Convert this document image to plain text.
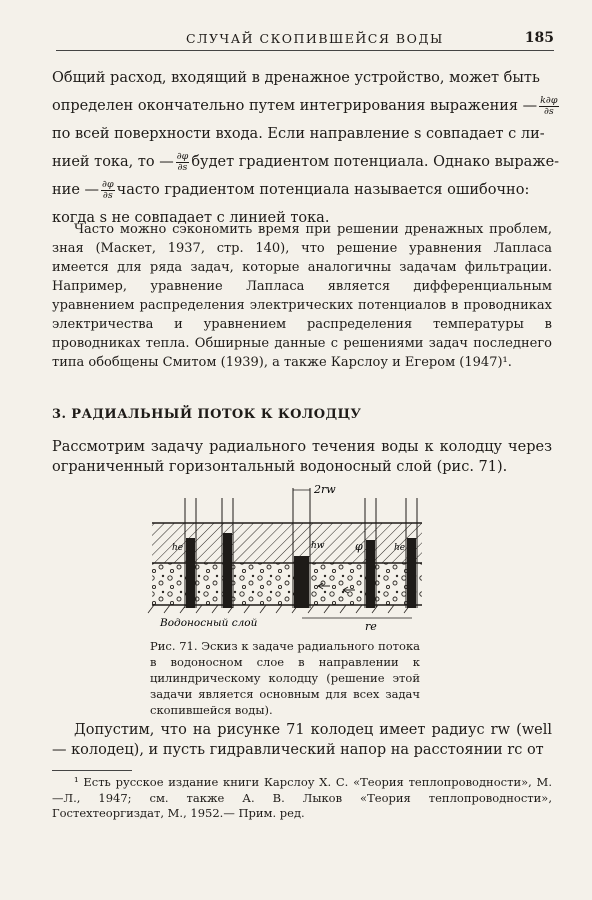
СЛУЧАЙ СКОПИВШЕЙСЯ ВОДЫ	185
Общий расход, входящий в дренажное устройство, может быть
определен окончательно путем интегрирования выражения — $\frac{k\partial\varphi}{\partial s}$
по всей поверхности входа. Если направление s совпадает с ли-
нией тока, то — $\frac{\partial\varphi}{\partial s}$ будет градиентом потенциала. Однако выраже-
ние — $\frac{\partial\varphi}{\partial s}$ часто градиентом потенциала называется ошибочно:
когда s не совпадает с линией тока.

Часто можно сэкономить время при решении дренажных проблем, зная (Маскет, 1937, стр. 140), что решение уравнения Лапласа имеется для ряда задач, которые аналогичны задачам фильтрации. Например, уравнение Лапласа является дифференциальным уравнением распределения электрических потенциалов в проводниках электричества и уравнением распределения температуры в проводниках тепла. Обширные данные с решениями задач последнего типа обобщены Смитом (1939), а также Карслоу и Егером (1947)¹.

3. РАДИАЛЬНЫЙ ПОТОК К КОЛОДЦУ

Рассмотрим задачу радиального течения воды к колодцу через ограниченный горизонтальный водоносный слой (рис. 71).

2rw
hw
he	φ	he
Водоносный слой	re

Рис. 71. Эскиз к задаче радиального потока в водоносном слое в направлении к цилиндрическому колодцу (решение этой задачи является основным для всех задач скопившейся воды).

Допустим, что на рисунке 71 колодец имеет радиус rw (well — колодец), и пусть гидравлический напор на расстоянии rc от

¹ Есть русское издание книги Карслоу Х. С. «Теория теплопроводности», М.—Л., 1947; см. также А. В. Лыков «Теория теплопроводности», Гостехтеоргиздат, М., 1952.— Прим. ред.
